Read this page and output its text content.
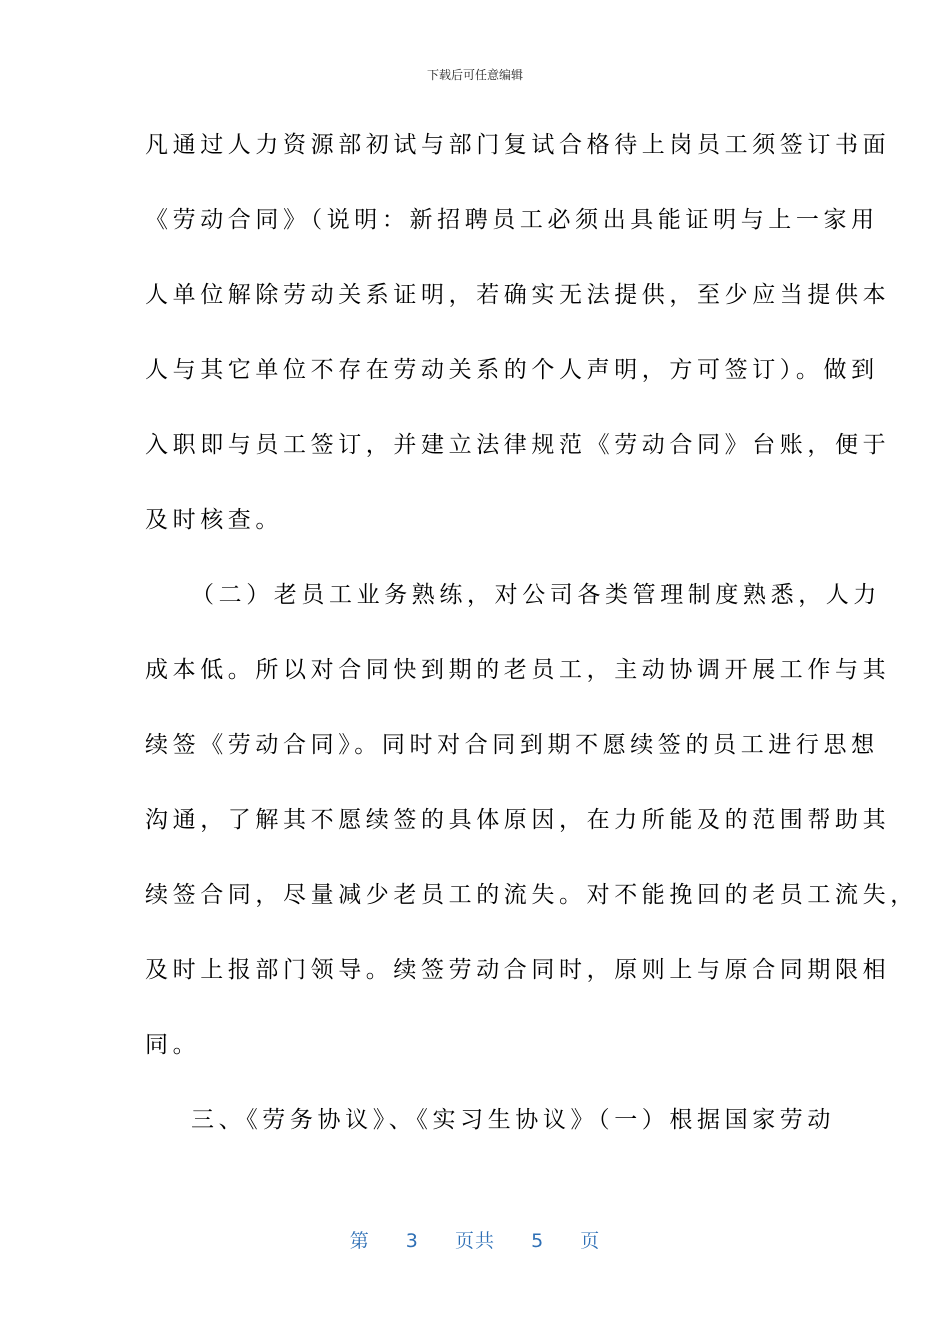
下载后可任意编辑
凡通过人力资源部初试与部门复试合格待上岗员工须签订书面
《劳动合同》（说明：新招聘员工必须出具能证明与上一家用
人单位解除劳动关系证明，若确实无法提供，至少应当提供本
人与其它单位不存在劳动关系的个人声明，方可签订）。做到
入职即与员工签订，并建立法律规范《劳动合同》台账，便于
及时核查。
（二）老员工业务熟练，对公司各类管理制度熟悉，人力
成本低。所以对合同快到期的老员工，主动协调开展工作与其
续签《劳动合同》。同时对合同到期不愿续签的员工进行思想
沟通，了解其不愿续签的具体原因，在力所能及的范围帮助其
续签合同，尽量减少老员工的流失。对不能挽回的老员工流失，
及时上报部门领导。续签劳动合同时，原则上与原合同期限相
同。
三、《劳务协议》、《实习生协议》（一）根据国家劳动
第 3 页共 5 页
